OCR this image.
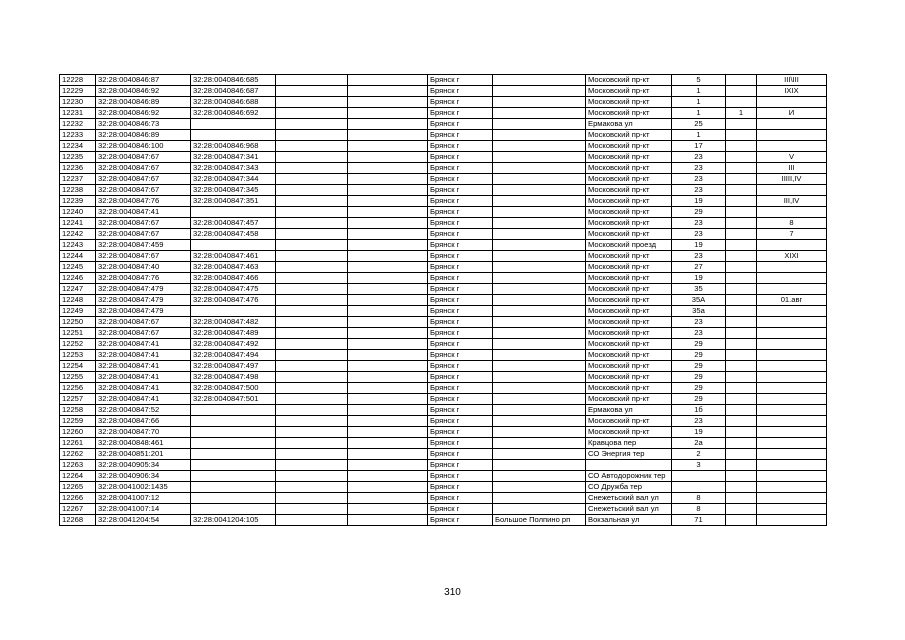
12228	32:28:0040846:87	32:28:0040846:685			Брянск г		Московский пр-кт	5		III\III
12229	32:28:0040846:92	32:28:0040846:687			Брянск г		Московский пр-кт	1		IXIX
12230	32:28:0040846:89	32:28:0040846:688			Брянск г		Московский пр-кт	1		
12231	32:28:0040846:92	32:28:0040846:692			Брянск г		Московский пр-кт	1	1	И
12232	32:28:0040846:73				Брянск г		Ермакова ул	25		
12233	32:28:0040846:89				Брянск г		Московский пр-кт	1		
12234	32:28:0040846:100	32:28:0040846:968			Брянск г		Московский пр-кт	17		
12235	32:28:0040847:67	32:28:0040847:341			Брянск г		Московский пр-кт	23		V
12236	32:28:0040847:67	32:28:0040847:343			Брянск г		Московский пр-кт	23		III
12237	32:28:0040847:67	32:28:0040847:344			Брянск г		Московский пр-кт	23		IIIII,IV
12238	32:28:0040847:67	32:28:0040847:345			Брянск г		Московский пр-кт	23		
12239	32:28:0040847:76	32:28:0040847:351			Брянск г		Московский пр-кт	19		III,IV
12240	32:28:0040847:41				Брянск г		Московский пр-кт	29		
12241	32:28:0040847:67	32:28:0040847:457			Брянск г		Московский пр-кт	23		8
12242	32:28:0040847:67	32:28:0040847:458			Брянск г		Московский пр-кт	23		7
12243	32:28:0040847:459				Брянск г		Московский проезд	19		
12244	32:28:0040847:67	32:28:0040847:461			Брянск г		Московский пр-кт	23		XIXI
12245	32:28:0040847:40	32:28:0040847:463			Брянск г		Московский пр-кт	27		
12246	32:28:0040847:76	32:28:0040847:466			Брянск г		Московский пр-кт	19		
12247	32:28:0040847:479	32:28:0040847:475			Брянск г		Московский пр-кт	35		
12248	32:28:0040847:479	32:28:0040847:476			Брянск г		Московский пр-кт	35А		01.авг
12249	32:28:0040847:479				Брянск г		Московский пр-кт	35а		
12250	32:28:0040847:67	32:28:0040847:482			Брянск г		Московский пр-кт	23		
12251	32:28:0040847:67	32:28:0040847:489			Брянск г		Московский пр-кт	23		
12252	32:28:0040847:41	32:28:0040847:492			Брянск г		Московский пр-кт	29		
12253	32:28:0040847:41	32:28:0040847:494			Брянск г		Московский пр-кт	29		
12254	32:28:0040847:41	32:28:0040847:497			Брянск г		Московский пр-кт	29		
12255	32:28:0040847:41	32:28:0040847:498			Брянск г		Московский пр-кт	29		
12256	32:28:0040847:41	32:28:0040847:500			Брянск г		Московский пр-кт	29		
12257	32:28:0040847:41	32:28:0040847:501			Брянск г		Московский пр-кт	29		
12258	32:28:0040847:52				Брянск г		Ермакова ул	1б		
12259	32:28:0040847:66				Брянск г		Московский пр-кт	23		
12260	32:28:0040847:70				Брянск г		Московский пр-кт	19		
12261	32:28:0040848:461				Брянск г		Кравцова пер	2а		
12262	32:28:0040851:201				Брянск г		СО Энергия тер	2		
12263	32:28:0040905:34				Брянск г			3		
12264	32:28:0040906:34				Брянск г		СО Автодорожник тер			
12265	32:28:0041002:1435				Брянск г		СО Дружба тер			
12266	32:28:0041007:12				Брянск г		Снежетьский вал ул	8		
12267	32:28:0041007:14				Брянск г		Снежетьский вал ул	8		
12268	32:28:0041204:54	32:28:0041204:105			Брянск г	Большое Полпино рп	Вокзальная ул	71		
310
